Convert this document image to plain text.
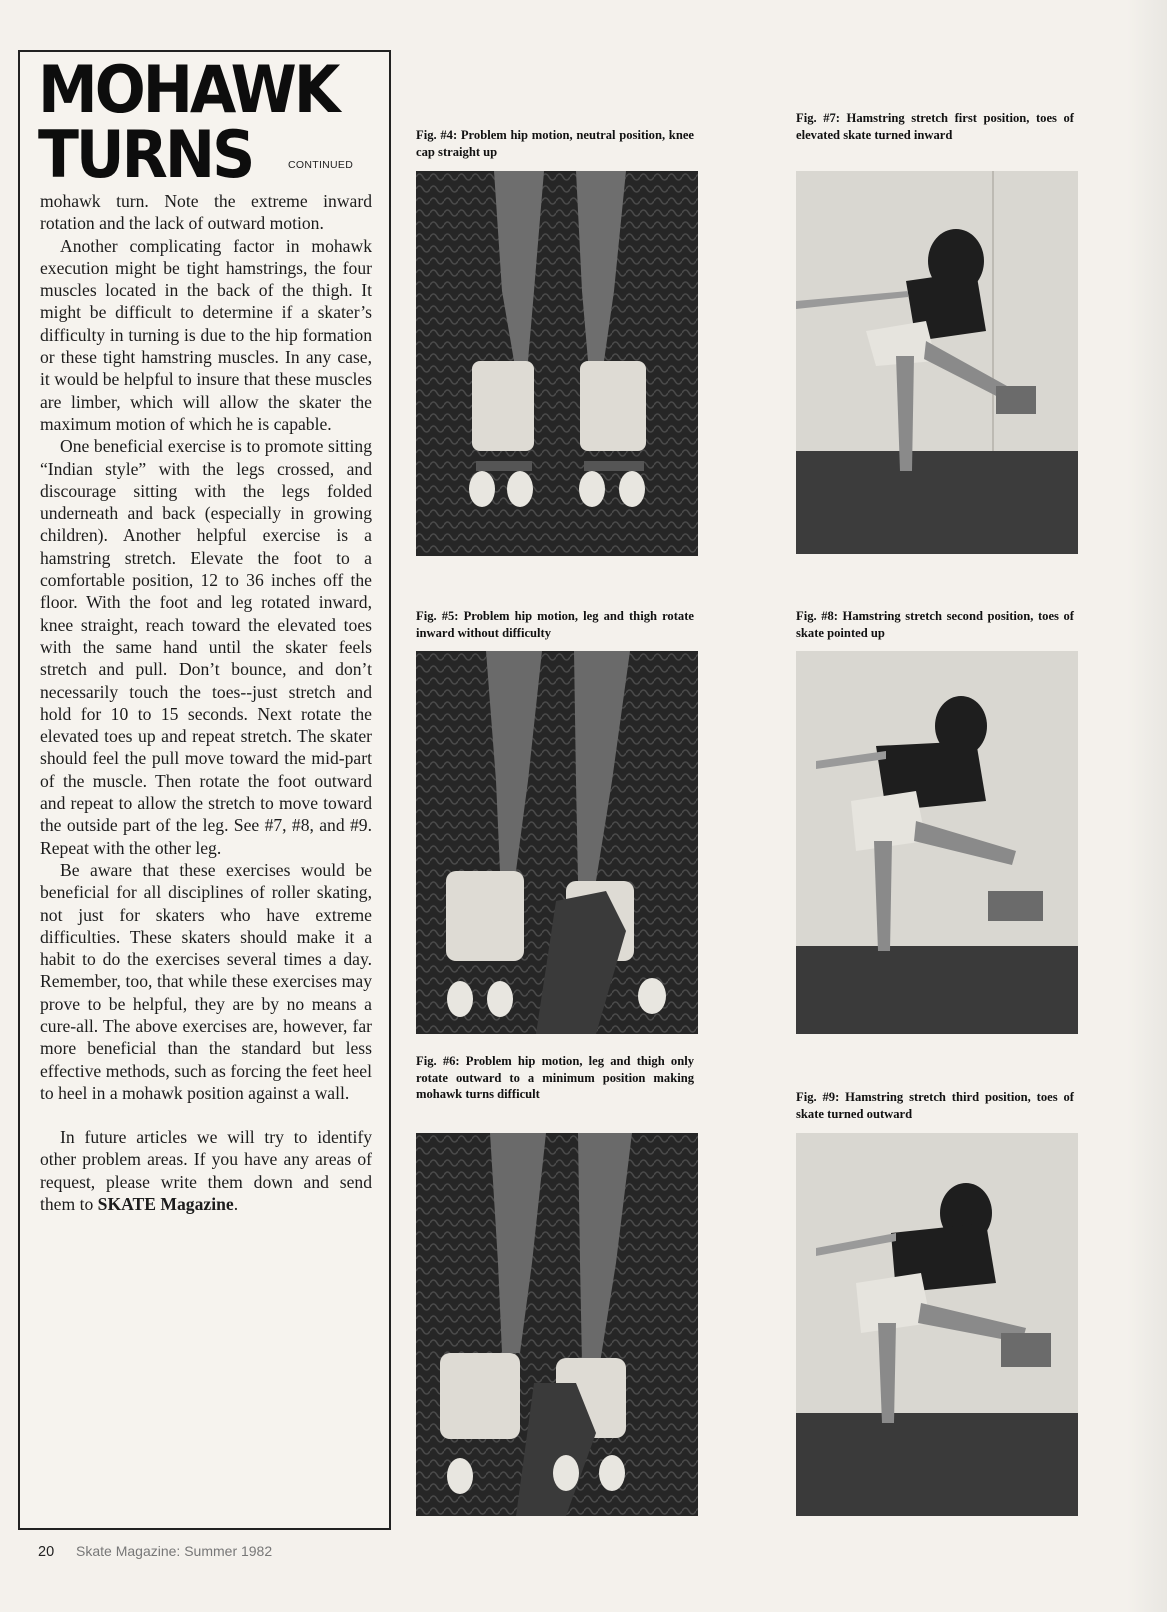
MOHAWK
TURNS	CONTINUED

mohawk turn. Note the extreme inward rotation and the lack of outward motion.

Another complicating factor in mohawk execution might be tight hamstrings, the four muscles located in the back of the thigh. It might be difficult to determine if a skater’s difficulty in turning is due to the hip formation or these tight hamstring muscles. In any case, it would be helpful to insure that these muscles are limber, which will allow the skater the maximum motion of which he is capable.

One beneficial exercise is to promote sitting “Indian style” with the legs crossed, and discourage sitting with the legs folded underneath and back (especially in growing children). Another helpful exercise is a hamstring stretch. Elevate the foot to a comfortable position, 12 to 36 inches off the floor. With the foot and leg rotated inward, knee straight, reach toward the elevated toes with the same hand until the skater feels stretch and pull. Don’t bounce, and don’t necessarily touch the toes--just stretch and hold for 10 to 15 seconds. Next rotate the elevated toes up and repeat stretch. The skater should feel the pull move toward the mid-part of the muscle. Then rotate the foot outward and repeat to allow the stretch to move toward the outside part of the leg. See #7, #8, and #9. Repeat with the other leg.

Be aware that these exercises would be beneficial for all disciplines of roller skating, not just for skaters who have extreme difficulties. These skaters should make it a habit to do the exercises several times a day. Remember, too, that while these exercises may prove to be helpful, they are by no means a cure-all. The above exercises are, however, far more beneficial than the standard but less effective methods, such as forcing the feet heel to heel in a mohawk position against a wall.

In future articles we will try to identify other problem areas. If you have any areas of request, please write them down and send them to SKATE Magazine.

Fig. #4: Problem hip motion, neutral position, knee cap straight up
Fig. #5: Problem hip motion, leg and thigh rotate inward without difficulty
Fig. #6: Problem hip motion, leg and thigh only rotate outward to a minimum position making mohawk turns difficult
Fig. #7: Hamstring stretch first position, toes of elevated skate turned inward
Fig. #8: Hamstring stretch second position, toes of skate pointed up
Fig. #9: Hamstring stretch third position, toes of skate turned outward
20 Skate Magazine: Summer 1982
